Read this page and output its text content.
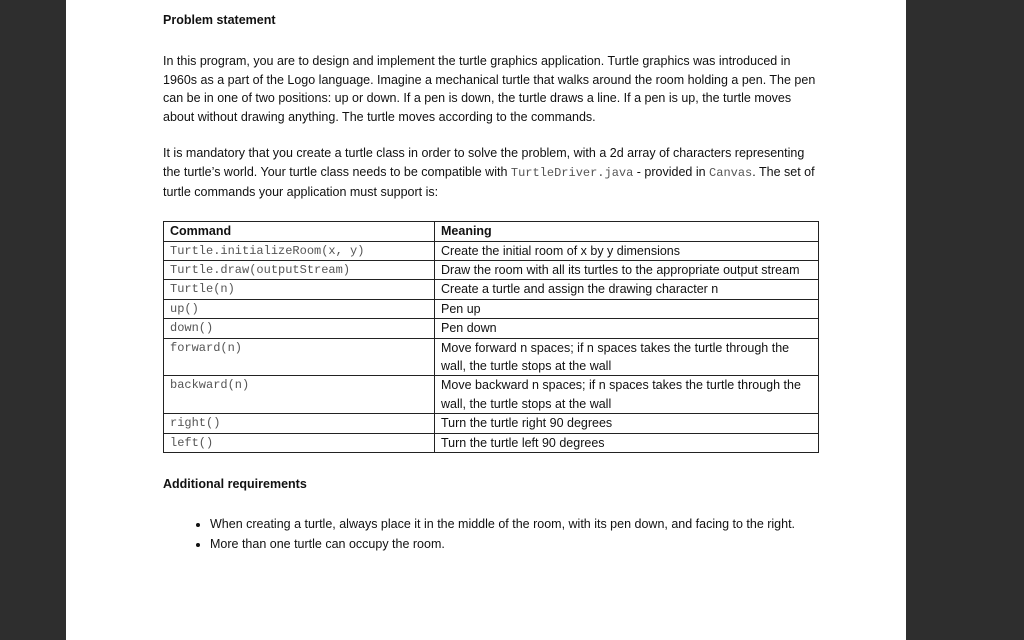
Problem statement

In this program, you are to design and implement the turtle graphics application. Turtle graphics was introduced in 1960s as a part of the Logo language. Imagine a mechanical turtle that walks around the room holding a pen. The pen can be in one of two positions: up or down. If a pen is down, the turtle draws a line. If a pen is up, the turtle moves about without drawing anything. The turtle moves according to the commands.

It is mandatory that you create a turtle class in order to solve the problem, with a 2d array of characters representing the turtle’s world. Your turtle class needs to be compatible with TurtleDriver.java - provided in Canvas. The set of turtle commands your application must support is:

Command	Meaning
Turtle.initializeRoom(x, y)	Create the initial room of x by y dimensions
Turtle.draw(outputStream)	Draw the room with all its turtles to the appropriate output stream
Turtle(n)	Create a turtle and assign the drawing character n
up()	Pen up
down()	Pen down
forward(n)	Move forward n spaces; if n spaces takes the turtle through the wall, the turtle stops at the wall
backward(n)	Move backward n spaces; if n spaces takes the turtle through the wall, the turtle stops at the wall
right()	Turn the turtle right 90 degrees
left()	Turn the turtle left 90 degrees

Additional requirements

• When creating a turtle, always place it in the middle of the room, with its pen down, and facing to the right.
• More than one turtle can occupy the room.
